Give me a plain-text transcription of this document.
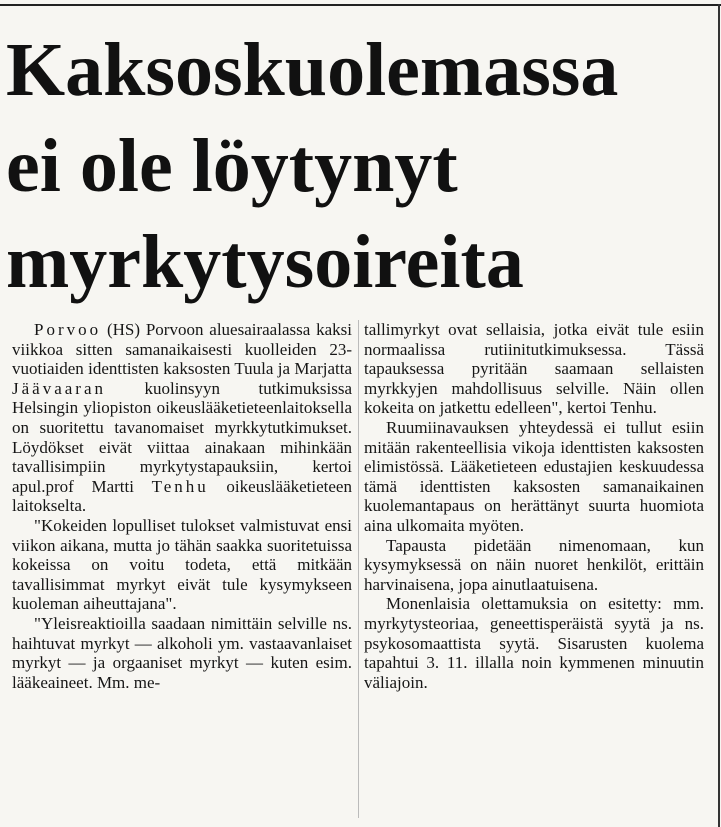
Kaksoskuolemassa
ei ole löytynyt
myrkytysoireita

Porvoo (HS) Porvoon aluesairaalassa kaksi viikkoa sitten samanaikaisesti kuolleiden 23-vuotiaiden identtisten kaksosten Tuula ja Marjatta Jäävaaran kuolinsyyn tutkimuksissa Helsingin yliopiston oikeuslääketieteenlaitoksella on suoritettu tavanomaiset myrkkytutkimukset. Löydökset eivät viittaa ainakaan mihinkään tavallisimpiin myrkytystapauksiin, kertoi apul.prof Martti Tenhu oikeuslääketieteen laitokselta.

"Kokeiden lopulliset tulokset valmistuvat ensi viikon aikana, mutta jo tähän saakka suoritetuissa kokeissa on voitu todeta, että mitkään tavallisimmat myrkyt eivät tule kysymykseen kuoleman aiheuttajana".

"Yleisreaktioilla saadaan nimittäin selville ns. haihtuvat myrkyt — alkoholi ym. vastaavanlaiset myrkyt — ja orgaaniset myrkyt — kuten esim. lääkeaineet. Mm. me-

tallimyrkyt ovat sellaisia, jotka eivät tule esiin normaalissa rutiinitutkimuksessa. Tässä tapauksessa pyritään saamaan sellaisten myrkkyjen mahdollisuus selville. Näin ollen kokeita on jatkettu edelleen", kertoi Tenhu.

Ruumiinavauksen yhteydessä ei tullut esiin mitään rakenteellisia vikoja identtisten kaksosten elimistössä. Lääketieteen edustajien keskuudessa tämä identtisten kaksosten samanaikainen kuolemantapaus on herättänyt suurta huomiota aina ulkomaita myöten.

Tapausta pidetään nimenomaan, kun kysymyksessä on näin nuoret henkilöt, erittäin harvinaisena, jopa ainutlaatuisena.

Monenlaisia olettamuksia on esitetty: mm. myrkytysteoriaa, geneettisperäistä syytä ja ns. psykosomaattista syytä. Sisarusten kuolema tapahtui 3. 11. illalla noin kymmenen minuutin väliajoin.
